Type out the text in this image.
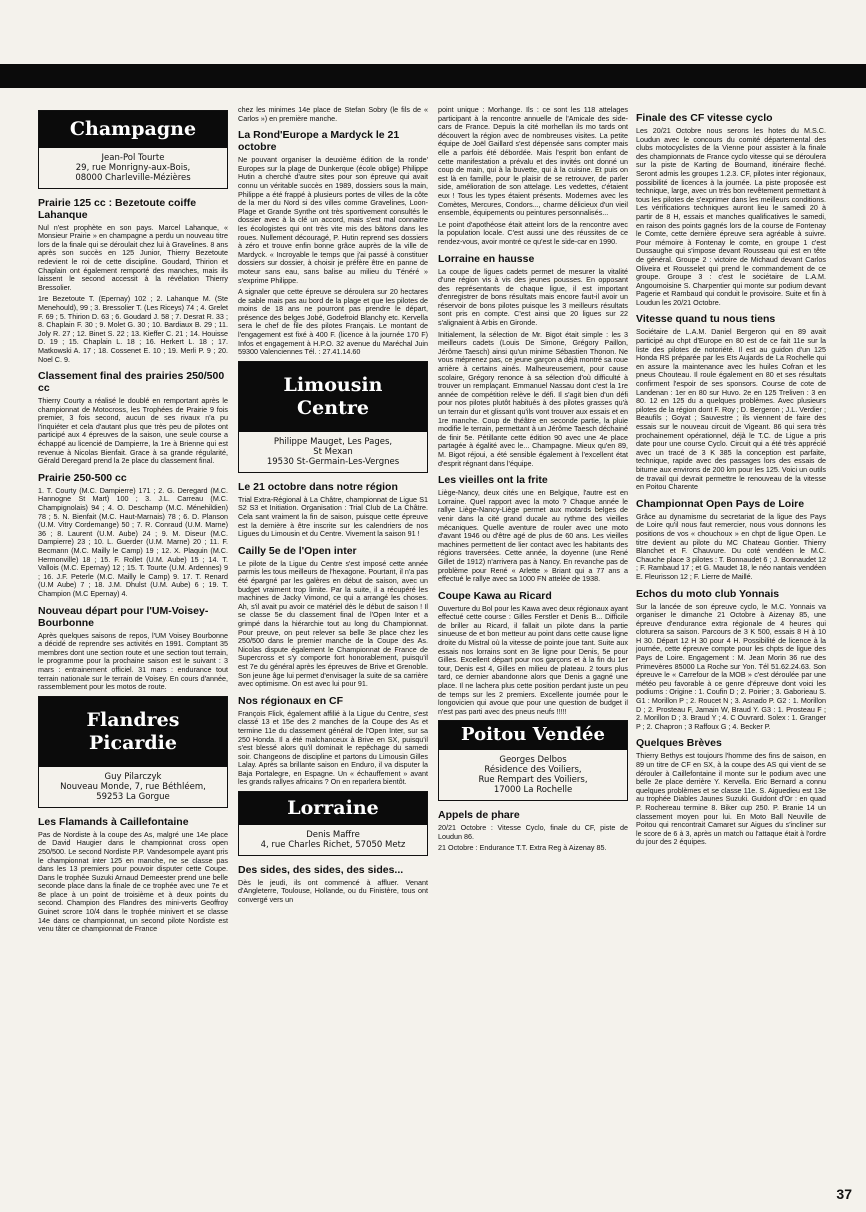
Champagne
Jean-Pol Tourte
29, rue Monrigny-aux-Bois,
08000 Charleville-Mézières
Prairie 125 cc : Bezetoute coiffe Lahanque

Nul n'est prophète en son pays. Marcel Lahanque, « Monsieur Prairie » en champagne a perdu un nouveau titre lors de la finale qui se déroulait chez lui à Gravelines. 8 ans après son succès en 125 Junior, Thierry Bezetoute redevient le roi de cette discipline. Goudard, Thirion et Chaplain ont également remporté des manches, mais ils laissent le second accessit à la révélation Thierry Bressolier.

1re Bezetoute T. (Epernay) 102 ; 2. Lahanque M. (Ste Menehould), 99 ; 3. Bressolier T. (Les Riceys) 74 ; 4. Grelet F. 69 ; 5. Thirion D. 63 ; 6. Goudard J. 58 ; 7. Desrat R. 33 ; 8. Chaplain F. 30 ; 9. Molet G. 30 ; 10. Bardiaux B. 29 ; 11. Joly R. 27 ; 12. Binet S. 22 ; 13. Kieffer C. 21 ; 14. Houisse D. 19 ; 15. Chaplain L. 18 ; 16. Herkert L. 18 ; 17. Matkowski A. 17 ; 18. Cossenet E. 10 ; 19. Merli P. 9 ; 20. Noel C. 9.

Classement final des prairies 250/500 cc

Thierry Courty a réalisé le doublé en remportant après le championnat de Motocross, les Trophées de Prairie 9 fois premier, 3 fois second, aucun de ses rivaux n'a pu l'inquiéter et cela d'autant plus que très peu de pilotes ont participé aux 4 épreuves de la saison, une seule course a échappé au licencié de Dampierre, la 1re à Brienne qui est revenue à Nicolas Bienfait. Grace à sa grande régularité, Gérald Deregard prend la 2e place du classement final.

Prairie 250-500 cc

1. T. Courty (M.C. Dampierre) 171 ; 2. G. Deregard (M.C. Hannogne St Mart) 100 ; 3. J.L. Carreau (M.C. Champignolais) 94 ; 4. O. Deschamp (M.C. Ménehildien) 78 ; 5. N. Bienfait (M.C. Haut-Marnais) 78 ; 6. D. Planson (U.M. Vitry Cordemange) 50 ; 7. R. Conraud (U.M. Marne) 36 ; 8. Laurent (U.M. Aube) 24 ; 9. M. Diseur (M.C. Dampierre) 23 ; 10. L. Guerder (U.M. Marne) 20 ; 11. F. Becmann (M.C. Mailly le Camp) 19 ; 12. X. Plaquin (M.C. Hermonville) 18 ; 15. F. Rollet (U.M. Aube) 15 ; 14. T. Vallois (M.C. Epernay) 12 ; 15. T. Tourte (U.M. Ardennes) 9 ; 16. J.F. Peterle (M.C. Mailly le Camp) 9. 17. T. Renard (U.M Aube) 7 ; 18. J.M. Dhulst (U.M. Aube) 6 ; 19. T. Champion (M.C Epernay) 4.

Nouveau départ pour l'UM-Voisey-Bourbonne

Après quelques saisons de repos, l'UM Voisey Bourbonne a décidé de reprendre ses activités en 1991. Comptant 35 membres dont une section route et une section tout terrain, le programme pour la prochaine saison est le suivant : 3 mars : entrainement officiel. 31 mars : endurance tout terrain nationale sur le terrain de Voisey. En cours d'année, rassemblement pour les motos de route.

Flandres
Picardie
Guy Pilarczyk
Nouveau Monde, 7, rue Béthléem,
59253 La Gorgue
Les Flamands à Caillefontaine

Pas de Nordiste à la coupe des As, malgré une 14e place de David Haugier dans le championnat cross open 250/500. Le second Nordiste P.P. Vandesompele ayant pris le championnat inter 125 en manche, ne se classe pas dans les 13 premiers pour pouvoir disputer cette Coupe. Dans le trophée Suzuki Arnaud Demeester prend une belle seconde place dans la finale de ce trophée avec une 7e et 8e place à un point de troisième et à deux points du second. Champion des Flandres des mini-verts Geoffroy Guinet scrore 10/4 dans le trophée minivert et se classe 14e dans ce championnat, un second pilote Nordiste est venu tâter ce championnat de France

chez les minimes 14e place de Stefan Sobry (le fils de « Carlos ») en première manche.

La Rond'Europe a Mardyck le 21 octobre

Ne pouvant organiser la deuxième édition de la ronde' Europes sur la plage de Dunkerque (école oblige) Philippe Hutin a cherché d'autre sites pour son épreuve qui avait connu un véritable succès en 1989, dossiers sous la main, Philippe a été frappé à plusieurs portes de villes de la côte de la mer du Nord si des villes comme Gravelines, Loon-Plage et Grande Synthe ont très sportivement consultés le dossier avec à la clé un accord, mais s'est mal connaitre les écologistes qui ont très vite mis des bâtons dans les roues. Nullement découragé, P. Hutin reprend ses dossiers à zéro et trouve enfin bonne grâce auprès de la ville de Mardyck. « Incroyable le temps que j'ai passé à constituer dossiers sur dossier, à choisir je préfère être en panne de moteur sans eau, sans balise au milieu du Ténéré » s'exprime Philippe.

A signaler que cette épreuve se déroulera sur 20 hectares de sable mais pas au bord de la plage et que les pilotes de moins de 18 ans ne pourront pas prendre le départ, présence des belges Jobé, Godefroid Blanchy etc. Kervella sera le chef de file des pilotes Français. Le montant de l'engagement est fixé à 400 F. (licence à la journée 170 F) Infos et engagement à H.P.O. 32 avenue du Maréchal Juin 59300 Valenciennes Tél. : 27.41.14.60

Limousin
Centre
Philippe Mauget, Les Pages,
St Mexan
19530 St-Germain-Les-Vergnes
Le 21 octobre dans notre région

Trial Extra-Régional à La Châtre, championnat de Ligue S1 S2 S3 et Initiation. Organisation : Trial Club de La Châtre. Cela sant vraiment la fin de saison, puisque cette épreuve est la dernière à être inscrite sur les calendriers de nos Ligues du Limousin et du Centre. Vivement la saison 91 !

Cailly 5e de l'Open inter

Le pilote de la Ligue du Centre s'est imposé cette année parmis les tous meilleurs de l'hexagone. Pourtant, il n'a pas été épargné par les galères en début de saison, avec un budget vraiment trop limite. Par la suite, il a récupéré les machines de Jacky Vimond, ce qui a arrangé les choses. Ah, s'il avait pu avoir ce matériel dès le début de saison ! Il se classe 5e du classement final de l'Open Inter et a grimpé dans la hiérarchie tout au long du Championnat. Pour preuve, on peut relever sa belle 3e place chez les 250/500 dans le premier manche de la Coupe des As. Nicolas dispute également le Championnat de France de Supercross et s'y comporte fort honorablement, puisqu'il est 7e du général après les épreuves de Brive et Grenoble. Son jeune âge lui permet d'envisager la suite de sa carrière avec optimisme. On est avec lui pour 91.

Nos régionaux en CF

François Flick, également affilié à la Ligue du Centre, s'est classé 13 et 15e des 2 manches de la Coupe des As et termine 11e du classement général de l'Open Inter, sur sa 250 Honda. Il a été malchanceux à Brive en SX, puisqu'il s'est blessé alors qu'il dominait le repêchage du samedi soir. Changeons de discipline et partons du Limousin Gilles Lalay. Après sa brillante saison en Enduro, il va disputer la Baja Portalegre, en Espagne. Un « échauffement » avant les grands rallyes africains ? On en reparlera bientôt.

Lorraine
Denis Maffre
4, rue Charles Richet, 57050 Metz
Des sides, des sides, des sides...

Dès le jeudi, ils ont commencé à affluer. Venant d'Angleterre, Toulouse, Hollande, ou du Finistère, tous ont convergé vers un

point unique : Morhange. Ils : ce sont les 118 attelages participant à la rencontre annuelle de l'Amicale des side-cars de France. Depuis la cité morhellan ils mo tards ont découvert la région avec de nombreuses visites. La petite équipe de Joël Gaillard s'est dépensée sans compter mais elle a parfois été débordée. Mais l'esprit bon enfant de cette manifestation a prévalu et des invités ont donné un coup de main, qui à la buvette, qui à la cuisine. Et puis on est là en famille, pour le plaisir de se retrouver, de parler side, amélioration de son attelage. Les vedettes, c'étaient eux ! Tous les types étaient présents. Modernes avec les Comètes, Mercures, Condors..., charme délicieux d'un vieil ensemble, équipements ou peintures personnalisés...

Le point d'apothéose était atteint lors de la rencontre avec la population locale. C'est aussi une des réussites de ce rendez-vous, avoir montré ce qu'est le side-car en 1990.

Lorraine en hausse

La coupe de ligues cadets permet de mesurer la vitalité d'une région vis à vis des jeunes pousses. En opposant des représentants de chaque ligue, il est important d'enregistrer de bons résultats mais encore faut-il avoir un réservoir de bons pilotes puisque les 3 meilleurs résultats sont pris en compte. C'est ainsi que 20 ligues sur 22 s'alignaient à Arbis en Gironde.

Initialement, la sélection de Mr. Bigot était simple : les 3 meilleurs cadets (Louis De Simone, Grégory Paillon, Jérôme Taesch) ainsi qu'un minime Sébastien Thonon. Ne vous méprenez pas, ce jeune garçon a déjà montré sa roue arrière à certains ainés. Malheureusement, pour cause scolaire, Grégory renonce à sa sélection d'où difficulté à trouver un remplaçant. Emmanuel Nassau dont c'est la 1re année de compétition relève le défi. Il s'agit bien d'un défi pour nos pilotes plutôt habitués à des pilotes grasses qu'à un terrain dur et glissant qu'ils vont trouver aux essais et en 1re manche. Coup de théâtre en seconde partie, la pluie modifie le terrain, permettant à un Jérôme Taesch déchainé de finir 5e. Pétillante cette édition 90 avec une 4e place partagée à égalité avec le... Champagne. Mieux qu'en 89, M. Bigot réjoui, a été sensible également à l'excellent état d'esprit régnant dans l'équipe.

Les vieilles ont la frite

Liège-Nancy, deux cités une en Belgique, l'autre est en Lorraine. Quel rapport avec la moto ? Chaque année le rallye Liège-Nancy-Liège permet aux motards belges de venir dans la cité grand ducale au rythme des vieilles mécaniques. Quelle aventure de rouler avec une moto d'avant 1946 ou d'être agé de plus de 60 ans. Les vieilles machines permettent de lier contact avec les habitants des régions traversées. Cette année, la doyenne (une René Gillet de 1912) n'arrivera pas à Nancy. En revanche pas de problème pour René « Arlette » Briant qui a 77 ans a effectué le rallye avec sa 1000 FN attelée de 1938.

Coupe Kawa au Ricard

Ouverture du Bol pour les Kawa avec deux régionaux ayant effectué cette course : Gilles Ferstler et Denis B... Difficile de briller au Ricard, il fallait un pilote dans la partie sinueuse de et bon metteur au point dans cette cause ligne droite du Mistral où la vitesse de pointe joue tant. Suite aux essais nos lorrains sont en 3e ligne pour Denis, 5e pour Gilles. Excellent départ pour nos garçons et à la fin du 1er tour, Denis est 4, Gilles en milieu de plateau. 2 tours plus tard, ce dernier abandonne alors que Denis a gagné une place. Il ne lachera plus cette position perdant juste un peu de temps sur les 2 premiers. Excellente journée pour le longovicien qui avoue que pour une question de budget il n'est pas parti avec des pneus neufs !!!!!

Poitou Vendée
Georges Delbos
Résidence des Voiliers,
Rue Rempart des Voiliers,
17000 La Rochelle
Appels de phare

20/21 Octobre : Vitesse Cyclo, finale du CF, piste de Loudun 86.

21 Octobre : Endurance T.T. Extra Reg à Aizenay 85.

Finale des CF vitesse cyclo

Les 20/21 Octobre nous serons les hotes du M.S.C. Loudun avec le concours du comité départemental des clubs motocyclistes de la Vienne pour assister à la finale des championnats de France cyclo vitesse qui se déroulera sur la piste de Karting de Bournand, itinéraire fleché. Seront admis les groupes 1.2.3. CF, pilotes inter régionaux, possibilité de licences à la journée. La piste proposée est technique, large, avec un très bon revêtement permettant à tous les pilotes de s'exprimer dans les meilleurs conditions. Les vérifications techniques auront lieu le samedi 20 à partir de 8 H, essais et manches qualificatives le samedi, en raison des points gagnés lors de la course de Fontenay le Comte, cette dernière épreuve sera agréable à suivre. Pour mémoire à Fontenay le comte, en groupe 1 c'est Dussaughe qui s'impose devant Rousseau qui est en tête de général. Groupe 2 : victoire de Michaud devant Carlos Oliveira et Rousselet qui prend le commandement de ce groupe. Groupe 3 : c'est le sociétaire de L.A.M. Angoumoisine S. Charpentier qui monte sur podium devant Pagerie et Rambaud qui conduit le provisoire. Suite et fin à Loudun les 20/21 Octobre.

Vitesse quand tu nous tiens

Sociétaire de L.A.M. Daniel Bergeron qui en 89 avait participé au chpt d'Europe en 80 est de ce fait 11e sur la liste des pilotes de notoriété. Il est au guidon d'un 125 Honda RS préparée par les Ets Aujards de La Rochelle qui en assure la maintenance avec les huiles Cofran et les pneus Chouteau. Il roule également en 80 et ses résultats confirment l'espoir de ses sponsors. Course de cote de Landenan : 1er en 80 sur Huvo. 2e en 125 Treliven : 3 en 80. 12 en 125 du a quelques problèmes. Avec plusieurs pilotes de la région dont F. Roy ; D. Bergeron ; J.L. Verdier ; Beaufils ; Goyat ; Sauvestre ; ils viennent de faire des essais sur le nouveau circuit de Vigeant. 86 qui sera très prochainement opérationnel, déjà le T.C. de Ligue a pris date pour une course Cyclo. Circuit qui a été très apprécié avec un tracé de 3 K 385 la conception est parfaite, technique, rapide avec des passages lors des essais de bitume aux environs de 200 km pour les 125. Voici un outils de travail qui devrait permettre le renouveau de la vitesse en Poitou Charente

Championnat Open Pays de Loire

Grâce au dynamisme du secretariat de la ligue des Pays de Loire qu'il nous faut remercier, nous vous donnons les positions de vos « chouchoux » en chpt de ligue Open. Le titre devient au pilote du MC Chateau Gontier. Thierry Blanchet et F. Chauvure. Du coté vendéen le M.C. Chauche place 3 pilotes : T. Bonnaudet 6 ; J. Bonnaudet 12 ; F. Rambaud 17 ; et G. Maudet 18, le néo nantais vendéen E. Fleurisson 12 ; F. Lierre de Maillé.

Echos du moto club Yonnais

Sur la lancée de son épreuve cyclo, le M.C. Yonnais va organiser le dimanche 21 Octobre à Aizenay 85, une épreuve d'endurance extra régionale de 4 heures qui cloturera sa saison. Parcours de 3 K 500, essais 8 H à 10 H 30. Départ 12 H 30 pour 4 H. Possibilité de licence à la journée, cette épreuve compte pour les chpts de ligue des Pays de Loire. Engagement : M. Jean Morin 36 rue des Primevères 85000 La Roche sur Yon. Tél 51.62.24.63. Son épreuve le « Carrefour de la MOB » c'est déroulée par une météo peu favorable à ce genre d'épreuve dont voici les podiums : Origine : 1. Coufin D ; 2. Poirier ; 3. Gaborieau S. G1 : Morillon P ; 2. Roucet N ; 3. Asnado P. G2 : 1. Morillon D ; 2. Prosteau F, Jamain W, Braud Y. G3 : 1. Prosteau F ; 2. Morillon D ; 3. Braud Y ; 4. C Ouvrard. Solex : 1. Granger P ; 2. Chapron ; 3 Raffoux G ; 4. Becker P.

Quelques Brèves

Thierry Bethys est toujours l'homme des fins de saison, en 89 un titre de CF en SX, à la coupe des AS qui vient de se dérouler à Caillefontaine il monte sur le podium avec une belle 2e place derrière Y. Kervella. Eric Bernard a connu quelques problèmes et se classe 11e. S. Aiguedieu est 13e au trophée Diables Jaunes Suzuki. Guidont d'Or : en quad P. Rochereau termine 8. Biker cup 250. P. Branie 14 un classement moyen pour lui. En Moto Ball Neuville de Poitou qui rencontrait Camaret sur Aigues du s'incliner sur le score de 6 à 3, après un match ou l'attaque était à l'ordre du jour des 2 équipes.

37
